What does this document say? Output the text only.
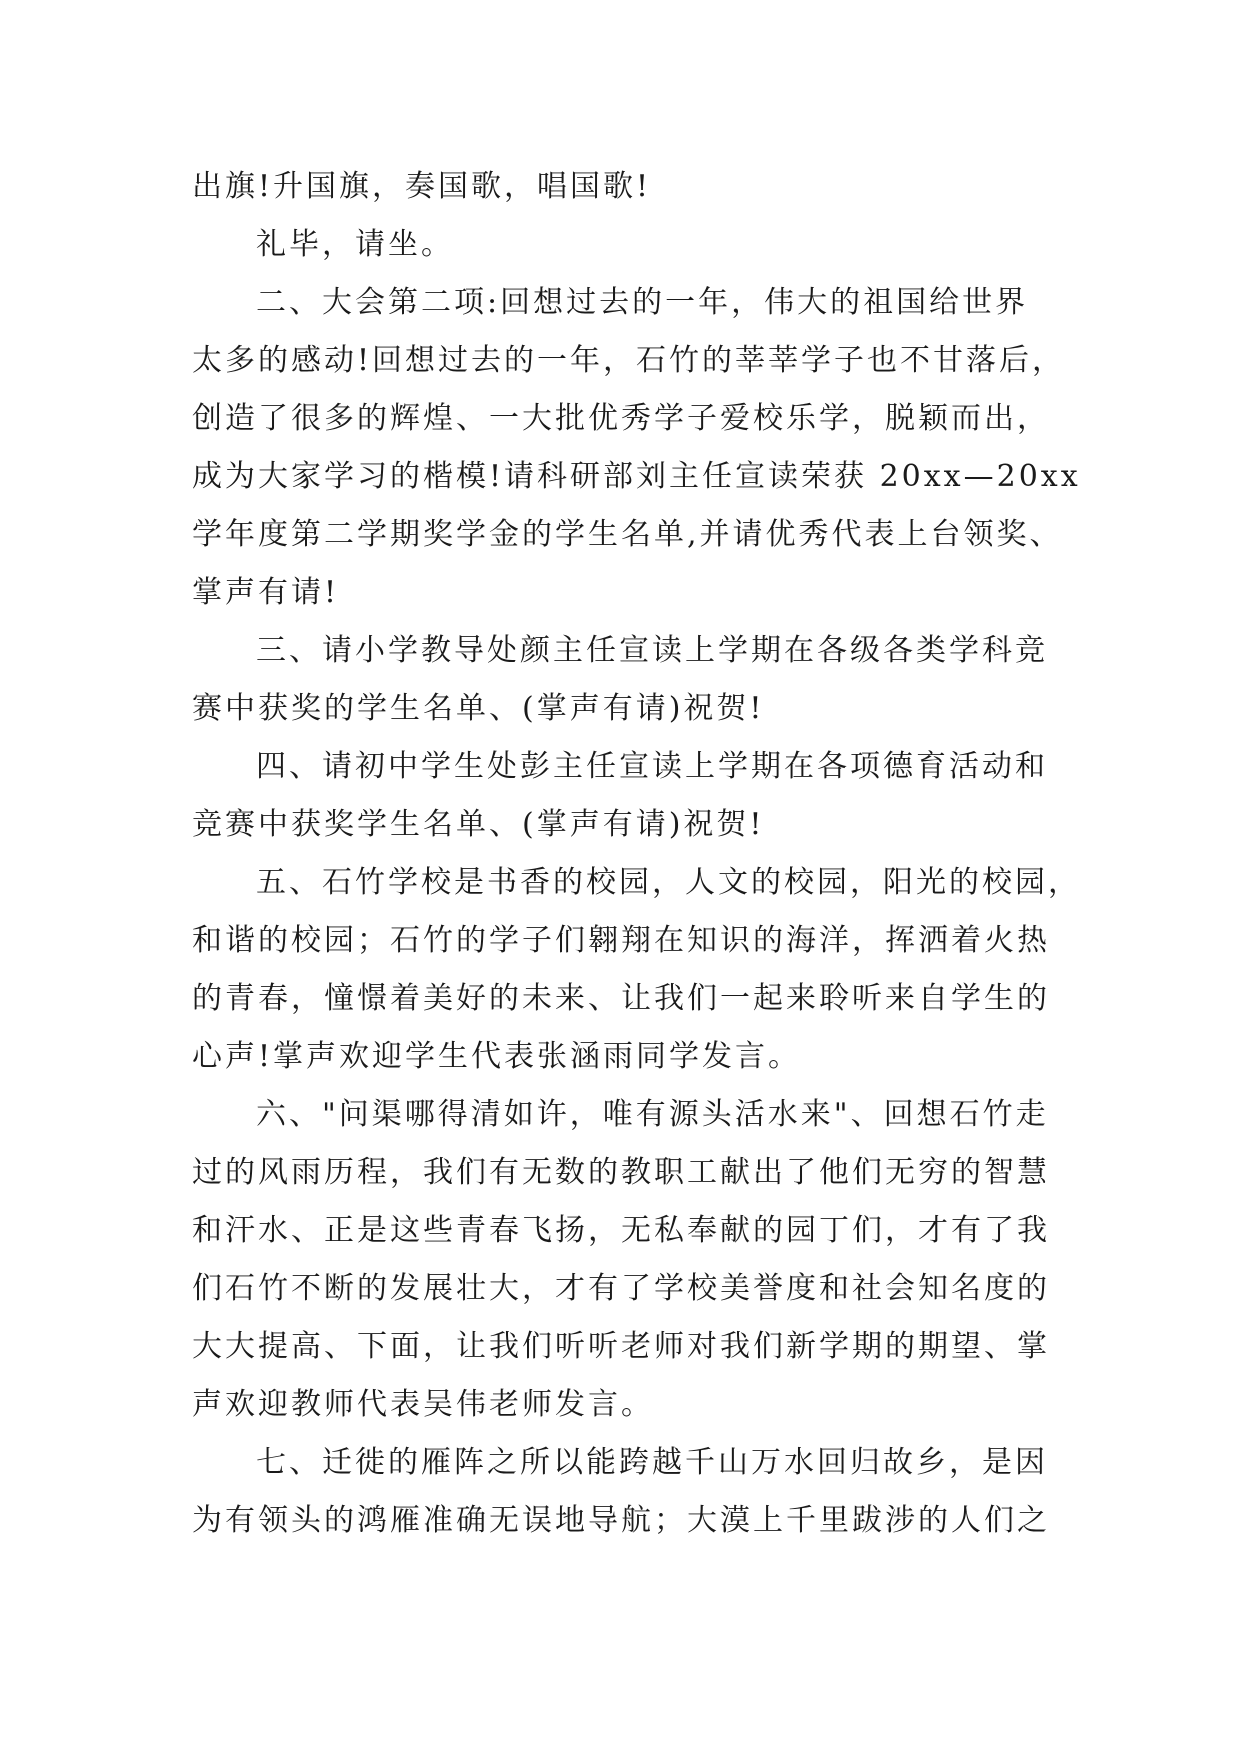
出旗!升国旗，奏国歌，唱国歌!
礼毕，请坐。
二、大会第二项:回想过去的一年，伟大的祖国给世界
太多的感动!回想过去的一年，石竹的莘莘学子也不甘落后，
创造了很多的辉煌、一大批优秀学子爱校乐学，脱颖而出，
成为大家学习的楷模!请科研部刘主任宣读荣获 20xx—20xx
学年度第二学期奖学金的学生名单,并请优秀代表上台领奖、
掌声有请!
三、请小学教导处颜主任宣读上学期在各级各类学科竞
赛中获奖的学生名单、(掌声有请)祝贺!
四、请初中学生处彭主任宣读上学期在各项德育活动和
竞赛中获奖学生名单、(掌声有请)祝贺!
五、石竹学校是书香的校园，人文的校园，阳光的校园，
和谐的校园；石竹的学子们翱翔在知识的海洋，挥洒着火热
的青春，憧憬着美好的未来、让我们一起来聆听来自学生的
心声!掌声欢迎学生代表张涵雨同学发言。
六、"问渠哪得清如许，唯有源头活水来"、回想石竹走
过的风雨历程，我们有无数的教职工献出了他们无穷的智慧
和汗水、正是这些青春飞扬，无私奉献的园丁们，才有了我
们石竹不断的发展壮大，才有了学校美誉度和社会知名度的
大大提高、下面，让我们听听老师对我们新学期的期望、掌
声欢迎教师代表吴伟老师发言。
七、迁徙的雁阵之所以能跨越千山万水回归故乡，是因
为有领头的鸿雁准确无误地导航；大漠上千里跋涉的人们之
